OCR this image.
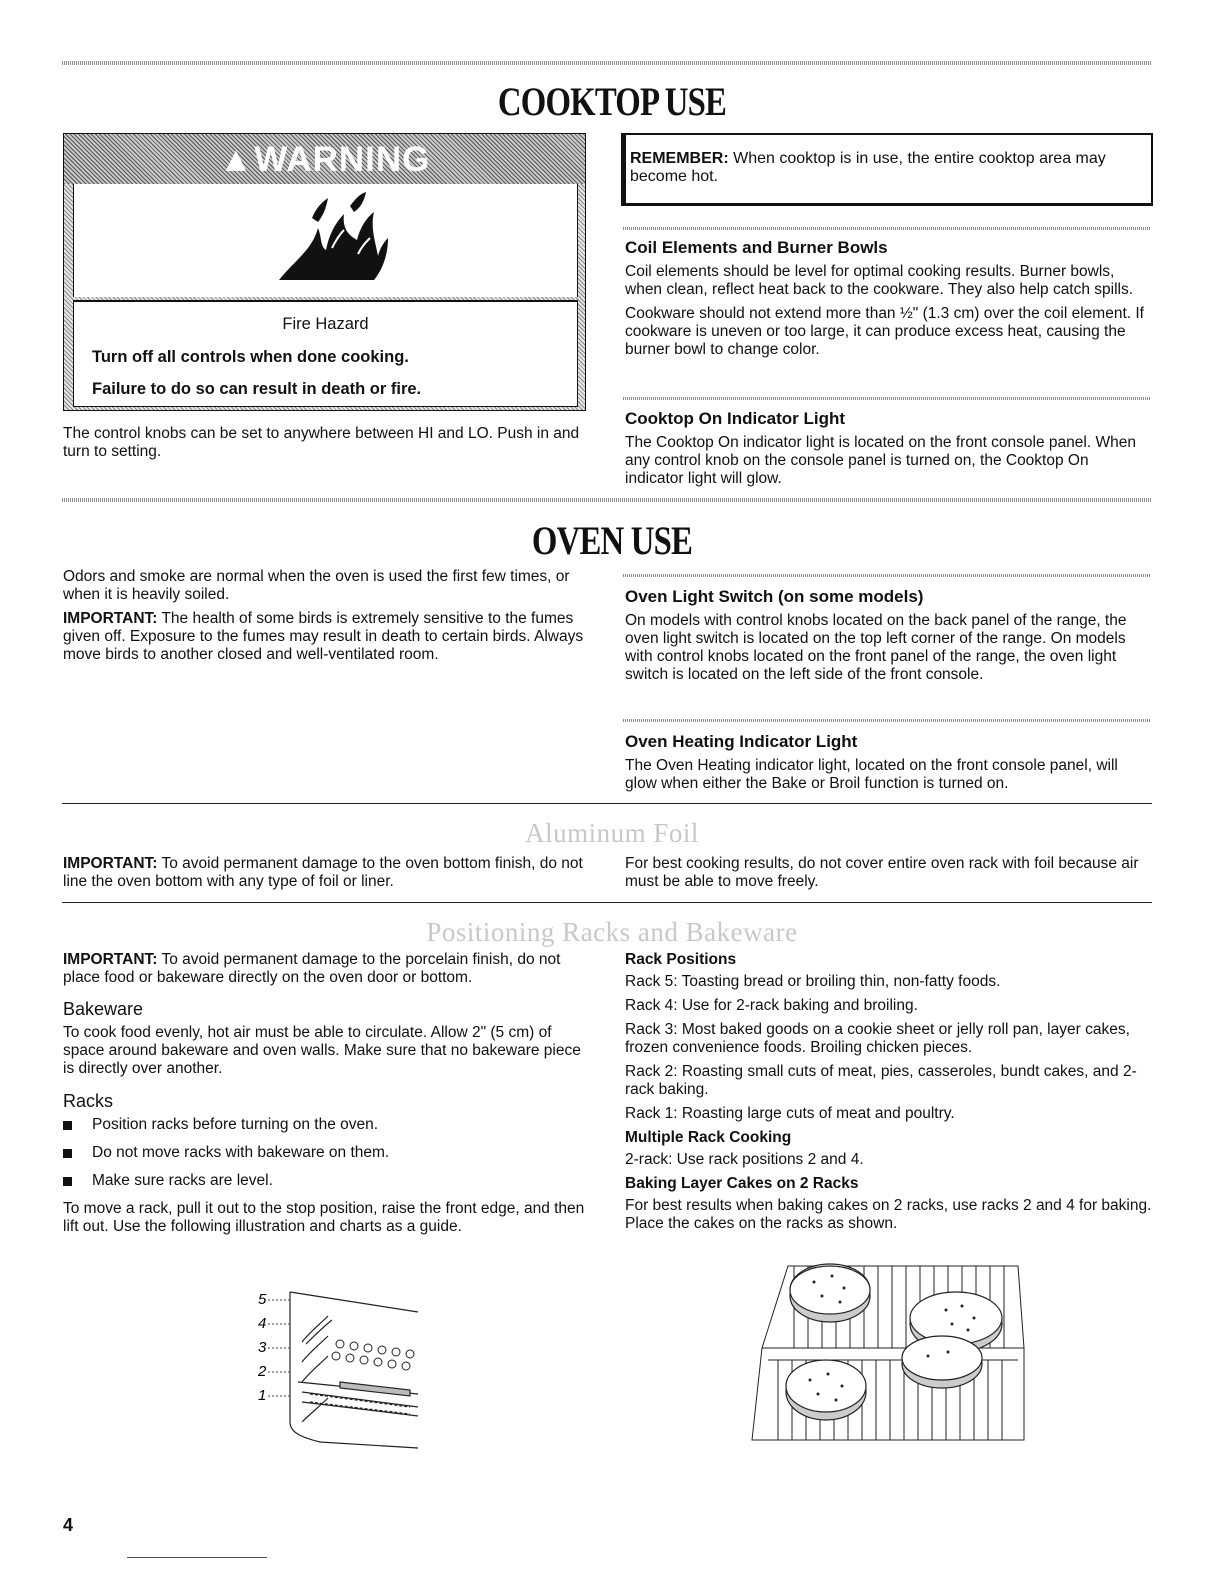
COOKTOP USE
▲WARNING
Fire Hazard
Turn off all controls when done cooking.
Failure to do so can result in death or fire.
The control knobs can be set to anywhere between HI and LO. Push in and turn to setting.
REMEMBER: When cooktop is in use, the entire cooktop area may become hot.
Coil Elements and Burner Bowls

Coil elements should be level for optimal cooking results. Burner bowls, when clean, reflect heat back to the cookware. They also help catch spills.

Cookware should not extend more than ½" (1.3 cm) over the coil element. If cookware is uneven or too large, it can produce excess heat, causing the burner bowl to change color.

Cooktop On Indicator Light

The Cooktop On indicator light is located on the front console panel. When any control knob on the console panel is turned on, the Cooktop On indicator light will glow.

OVEN USE

Odors and smoke are normal when the oven is used the first few times, or when it is heavily soiled.

IMPORTANT: The health of some birds is extremely sensitive to the fumes given off. Exposure to the fumes may result in death to certain birds. Always move birds to another closed and well-ventilated room.

Oven Light Switch (on some models)

On models with control knobs located on the back panel of the range, the oven light switch is located on the top left corner of the range. On models with control knobs located on the front panel of the range, the oven light switch is located on the left side of the front console.

Oven Heating Indicator Light

The Oven Heating indicator light, located on the front console panel, will glow when either the Bake or Broil function is turned on.

Aluminum Foil

IMPORTANT: To avoid permanent damage to the oven bottom finish, do not line the oven bottom with any type of foil or liner.

For best cooking results, do not cover entire oven rack with foil because air must be able to move freely.

Positioning Racks and Bakeware

IMPORTANT: To avoid permanent damage to the porcelain finish, do not place food or bakeware directly on the oven door or bottom.

Bakeware

To cook food evenly, hot air must be able to circulate. Allow 2" (5 cm) of space around bakeware and oven walls. Make sure that no bakeware piece is directly over another.

Racks
Position racks before turning on the oven.
Do not move racks with bakeware on them.
Make sure racks are level.

To move a rack, pull it out to the stop position, raise the front edge, and then lift out. Use the following illustration and charts as a guide.

5
4
3
2
1
Rack Positions

Rack 5: Toasting bread or broiling thin, non-fatty foods.

Rack 4: Use for 2-rack baking and broiling.

Rack 3: Most baked goods on a cookie sheet or jelly roll pan, layer cakes, frozen convenience foods. Broiling chicken pieces.

Rack 2: Roasting small cuts of meat, pies, casseroles, bundt cakes, and 2-rack baking.

Rack 1: Roasting large cuts of meat and poultry.

Multiple Rack Cooking

2-rack: Use rack positions 2 and 4.

Baking Layer Cakes on 2 Racks

For best results when baking cakes on 2 racks, use racks 2 and 4 for baking. Place the cakes on the racks as shown.

4
